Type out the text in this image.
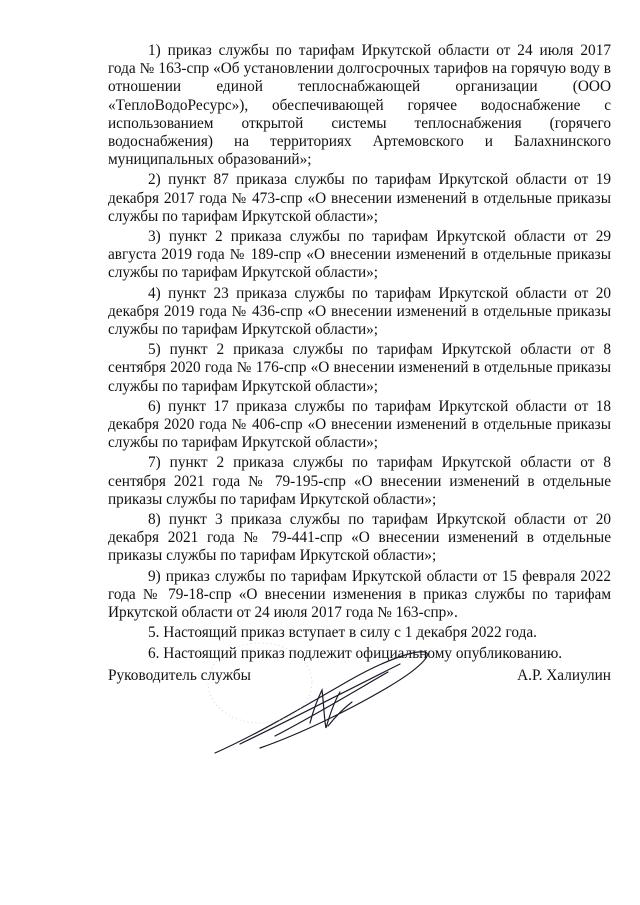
1) приказ службы по тарифам Иркутской области от 24 июля 2017 года № 163-спр «Об установлении долгосрочных тарифов на горячую воду в отношении единой теплоснабжающей организации (ООО «ТеплоВодоРесурс»), обеспечивающей горячее водоснабжение с использованием открытой системы теплоснабжения (горячего водоснабжения) на территориях Артемовского и Балахнинского муниципальных образований»;

2) пункт 87 приказа службы по тарифам Иркутской области от 19 декабря 2017 года № 473-спр «О внесении изменений в отдельные приказы службы по тарифам Иркутской области»;

3) пункт 2 приказа службы по тарифам Иркутской области от 29 августа 2019 года № 189-спр «О внесении изменений в отдельные приказы службы по тарифам Иркутской области»;

4) пункт 23 приказа службы по тарифам Иркутской области от 20 декабря 2019 года № 436-спр «О внесении изменений в отдельные приказы службы по тарифам Иркутской области»;

5) пункт 2 приказа службы по тарифам Иркутской области от 8 сентября 2020 года № 176-спр «О внесении изменений в отдельные приказы службы по тарифам Иркутской области»;

6) пункт 17 приказа службы по тарифам Иркутской области от 18 декабря 2020 года № 406-спр «О внесении изменений в отдельные приказы службы по тарифам Иркутской области»;

7) пункт 2 приказа службы по тарифам Иркутской области от 8 сентября 2021 года № 79-195-спр «О внесении изменений в отдельные приказы службы по тарифам Иркутской области»;

8) пункт 3 приказа службы по тарифам Иркутской области от 20 декабря 2021 года № 79-441-спр «О внесении изменений в отдельные приказы службы по тарифам Иркутской области»;

9) приказ службы по тарифам Иркутской области от 15 февраля 2022 года № 79-18-спр «О внесении изменения в приказ службы по тарифам Иркутской области от 24 июля 2017 года № 163-спр».

5. Настоящий приказ вступает в силу с 1 декабря 2022 года.

6. Настоящий приказ подлежит официальному опубликованию.

Руководитель службы	А.Р. Халиулин
